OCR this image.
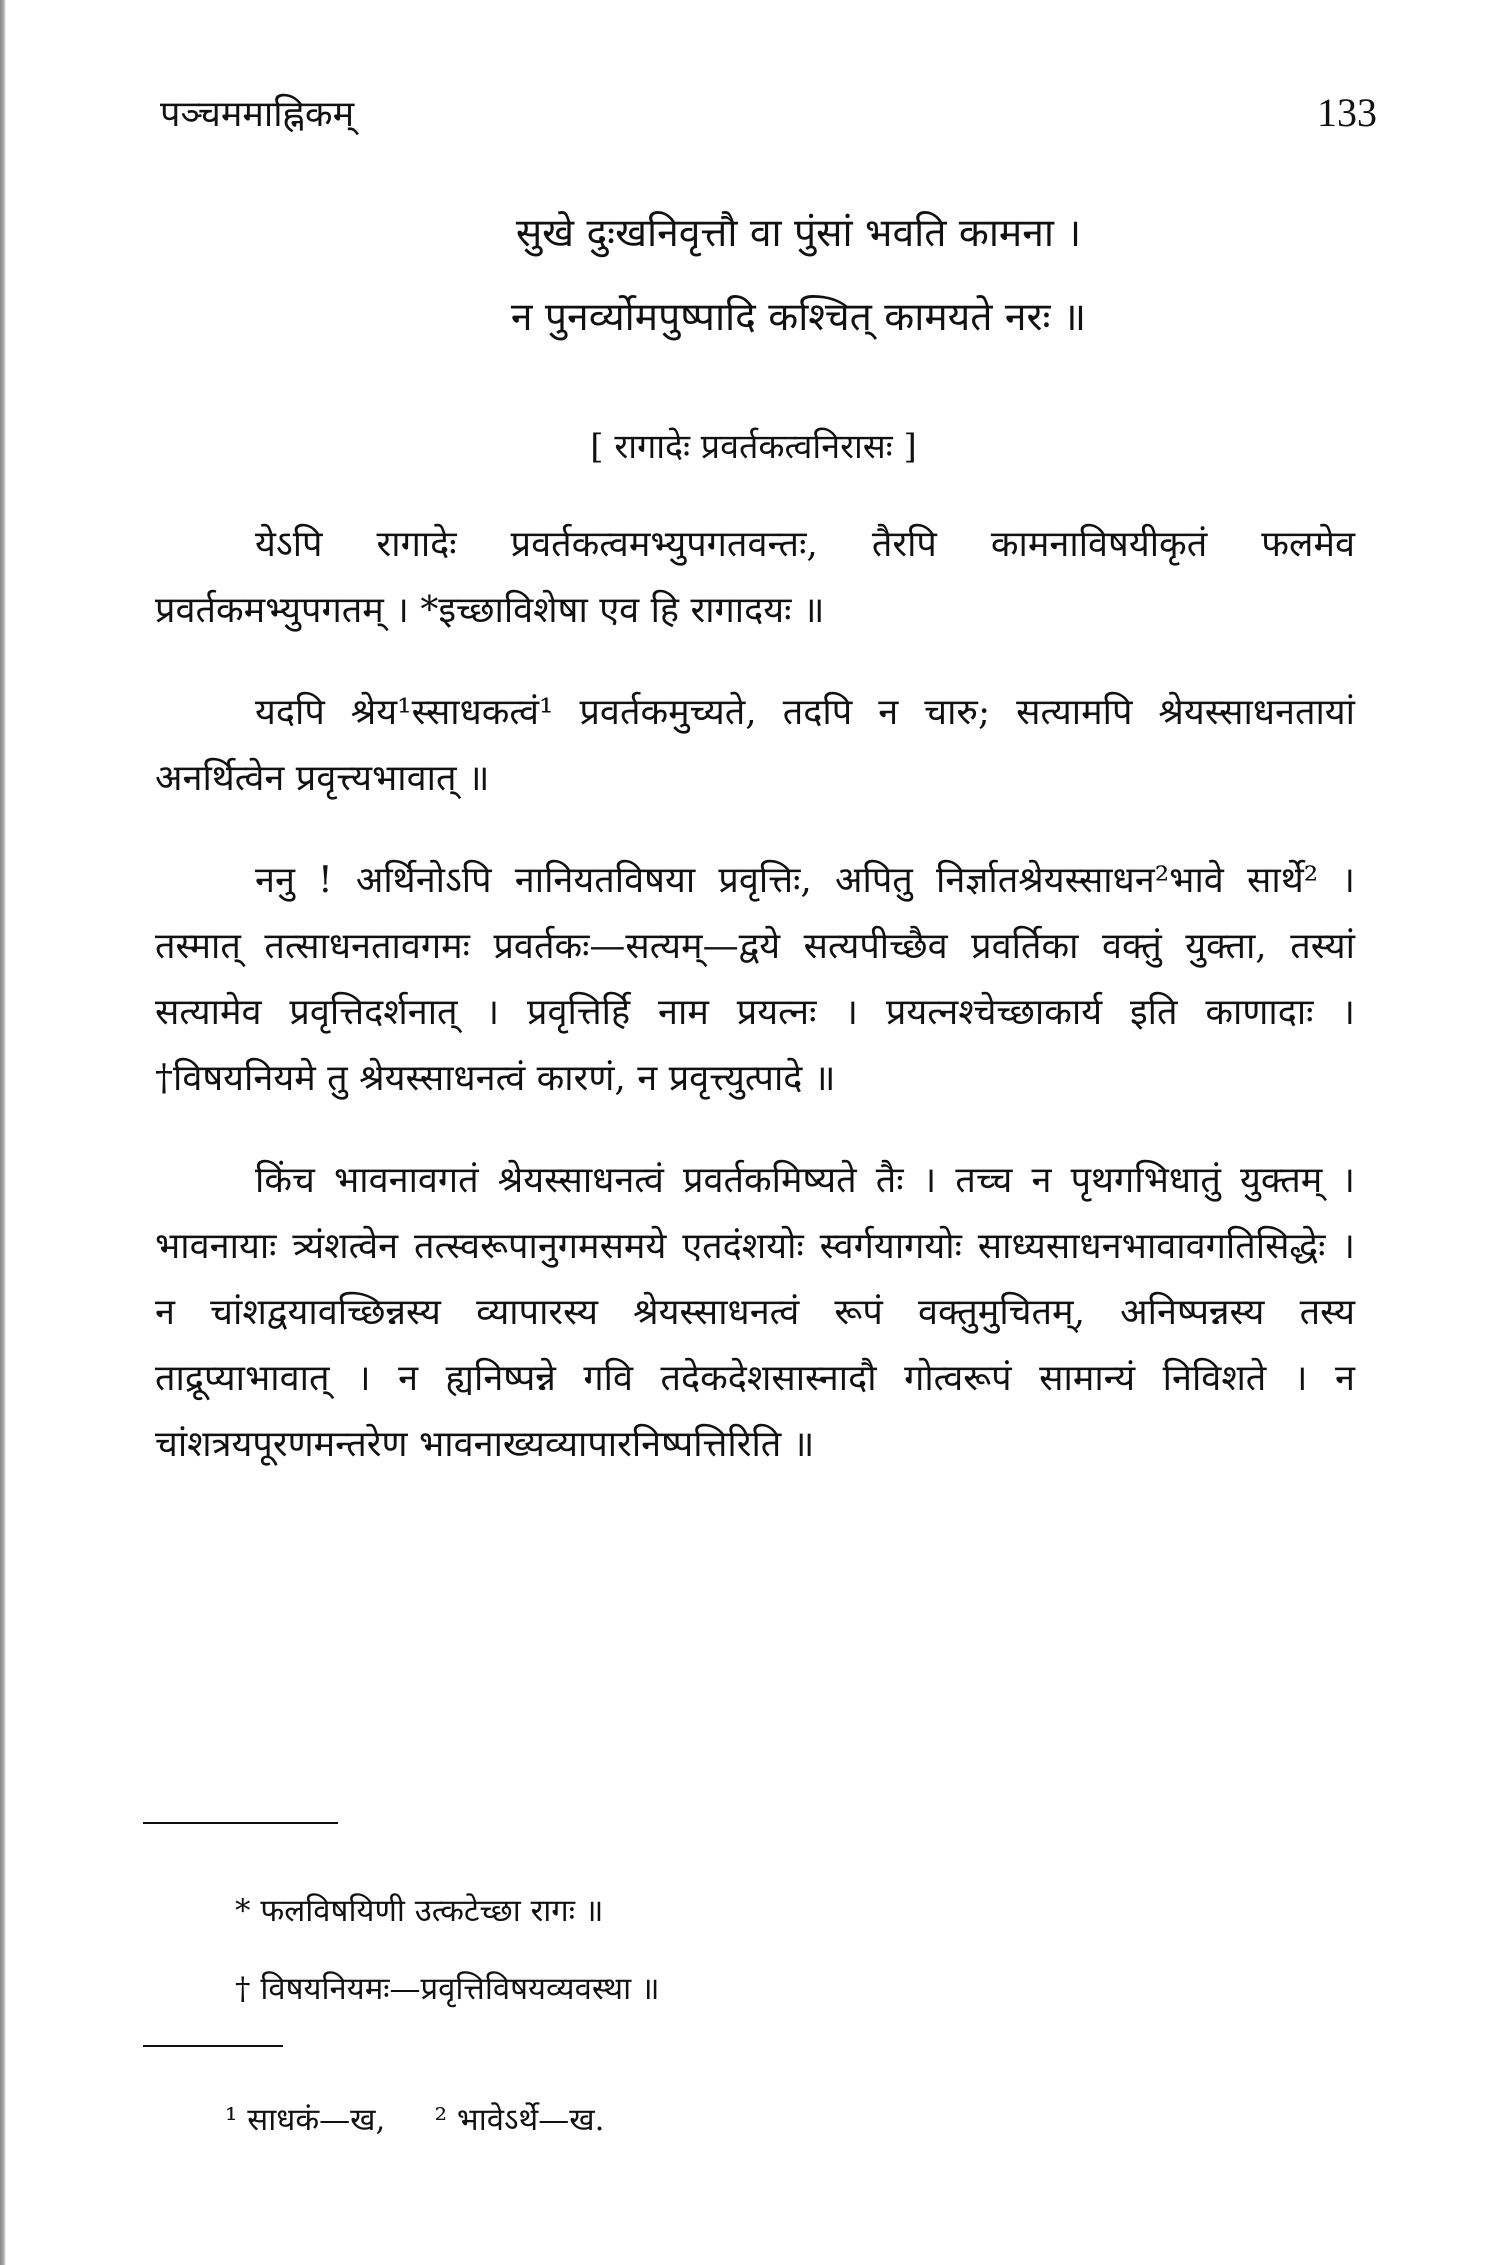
पञ्चममाह्निकम्	133
सुखे दुःखनिवृत्तौ वा पुंसां भवति कामना ।
न पुनर्व्योमपुष्पादि कश्चित् कामयते नरः ॥
[ रागादेः प्रवर्तकत्वनिरासः ]

येऽपि रागादेः प्रवर्तकत्वमभ्युपगतवन्तः, तैरपि कामनाविषयीकृतं फलमेव प्रवर्तकमभ्युपगतम् । *इच्छाविशेषा एव हि रागादयः ॥

यदपि श्रेय¹स्साधकत्वं¹ प्रवर्तकमुच्यते, तदपि न चारु; सत्यामपि श्रेयस्साधनतायां अनर्थित्वेन प्रवृत्त्यभावात् ॥

ननु ! अर्थिनोऽपि नानियतविषया प्रवृत्तिः, अपितु निर्ज्ञातश्रेयस्साधन²भावे सार्थे² । तस्मात् तत्साधनतावगमः प्रवर्तकः—सत्यम्—द्वये सत्यपीच्छैव प्रवर्तिका वक्तुं युक्ता, तस्यां सत्यामेव प्रवृत्तिदर्शनात् । प्रवृत्तिर्हि नाम प्रयत्नः । प्रयत्नश्चेच्छाकार्य इति काणादाः । †विषयनियमे तु श्रेयस्साधनत्वं कारणं, न प्रवृत्त्युत्पादे ॥

किंच भावनावगतं श्रेयस्साधनत्वं प्रवर्तकमिष्यते तैः । तच्च न पृथगभिधातुं युक्तम् । भावनायाः त्र्यंशत्वेन तत्स्वरूपानुगमसमये एतदंशयोः स्वर्गयागयोः साध्यसाधनभावावगतिसिद्धेः । न चांशद्वयावच्छिन्नस्य व्यापारस्य श्रेयस्साधनत्वं रूपं वक्तुमुचितम्, अनिष्पन्नस्य तस्य ताद्रूप्याभावात् । न ह्यनिष्पन्ने गवि तदेकदेशसास्नादौ गोत्वरूपं सामान्यं निविशते । न चांशत्रयपूरणमन्तरेण भावनाख्यव्यापारनिष्पत्तिरिति ॥

* फलविषयिणी उत्कटेच्छा रागः ॥
† विषयनियमः—प्रवृत्तिविषयव्यवस्था ॥
¹ साधकं—ख,     ² भावेऽर्थे—ख.
